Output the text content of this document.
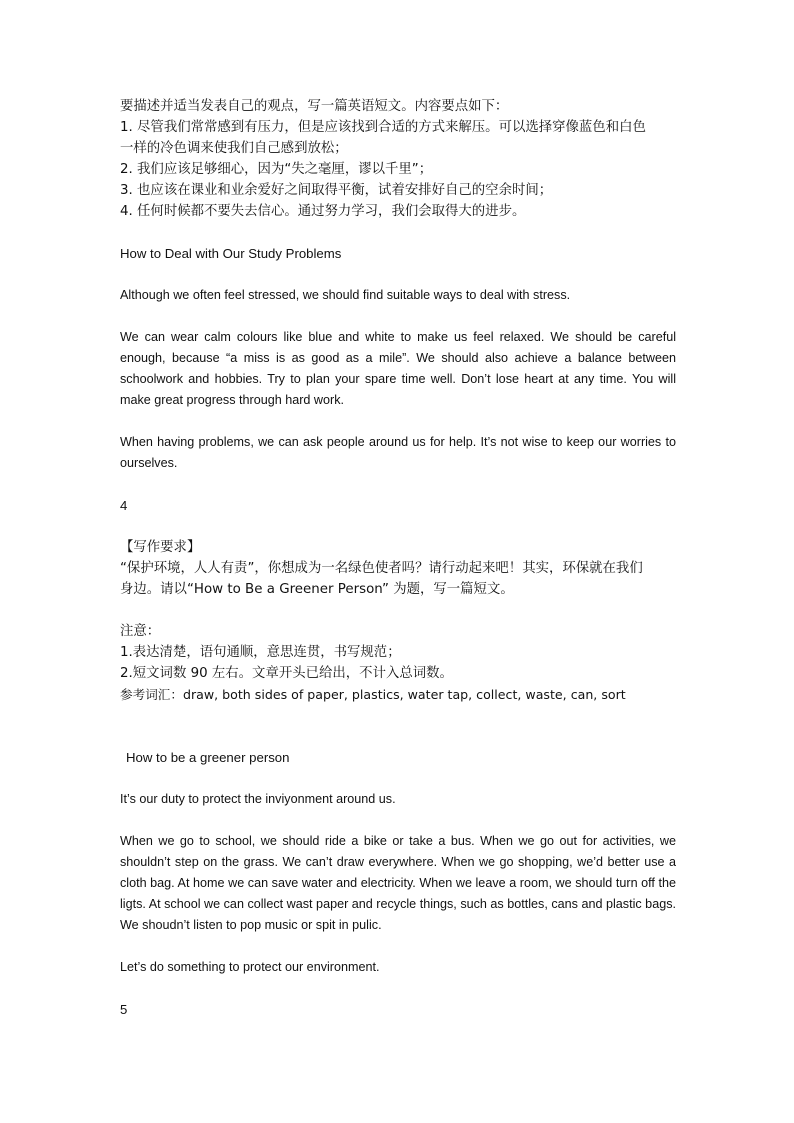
要描述并适当发表自己的观点，写一篇英语短文。内容要点如下：
1. 尽管我们常常感到有压力，但是应该找到合适的方式来解压。可以选择穿像蓝色和白色
一样的冷色调来使我们自己感到放松；
2. 我们应该足够细心，因为“失之毫厘，谬以千里”；
3. 也应该在课业和业余爱好之间取得平衡，试着安排好自己的空余时间；
4. 任何时候都不要失去信心。通过努力学习，我们会取得大的进步。
How to Deal with Our Study Problems

Although we often feel stressed, we should find suitable ways to deal with stress.

We can wear calm colours like blue and white to make us feel relaxed. We should be careful enough, because “a miss is as good as a mile”. We should also achieve a balance between schoolwork and hobbies. Try to plan your spare time well. Don’t lose heart at any time. You will make great progress through hard work.

When having problems, we can ask people around us for help. It’s not wise to keep our worries to ourselves.

4
【写作要求】
“保护环境，人人有责”，你想成为一名绿色使者吗？请行动起来吧！其实，环保就在我们
身边。请以“How to Be a Greener Person” 为题，写一篇短文。
注意：
1.表达清楚，语句通顺，意思连贯，书写规范；
2.短文词数 90 左右。文章开头已给出，不计入总词数。
参考词汇：draw, both sides of paper, plastics, water tap, collect, waste, can, sort
How to be a greener person

It’s our duty to protect the inviyonment around us.

When we go to school, we should ride a bike or take a bus. When we go out for activities, we shouldn’t step on the grass. We can’t draw everywhere. When we go shopping, we’d better use a cloth bag. At home we can save water and electricity. When we leave a room, we should turn off the ligts. At school we can collect wast paper and recycle things, such as bottles, cans and plastic bags. We shoudn’t listen to pop music or spit in pulic.

Let’s do something to protect our environment.

5
